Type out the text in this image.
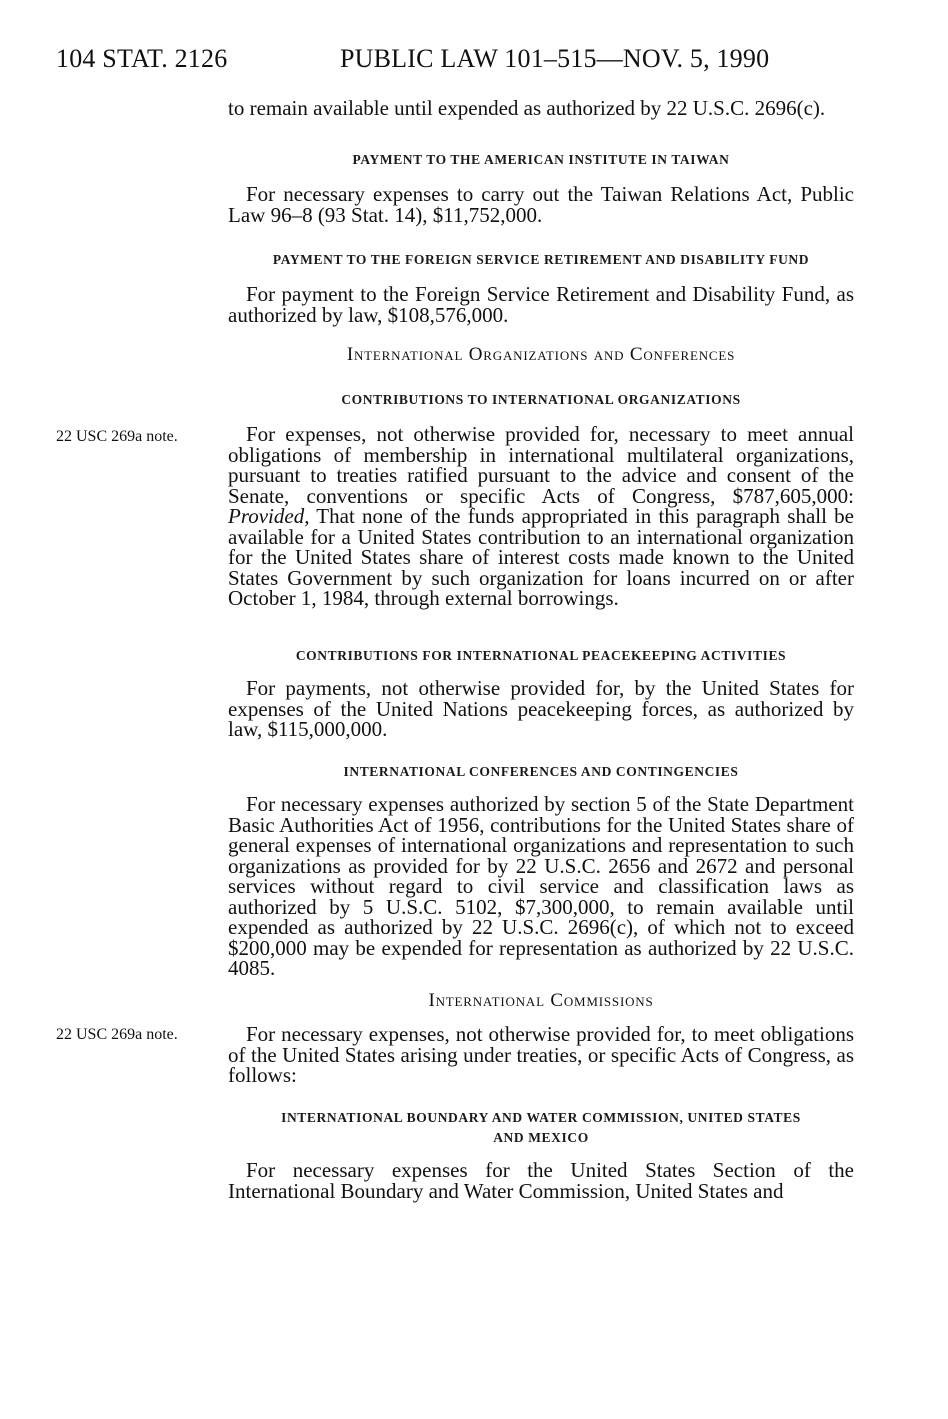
104 STAT. 2126	PUBLIC LAW 101–515—NOV. 5, 1990

to remain available until expended as authorized by 22 U.S.C. 2696(c).

PAYMENT TO THE AMERICAN INSTITUTE IN TAIWAN

For necessary expenses to carry out the Taiwan Relations Act, Public Law 96–8 (93 Stat. 14), $11,752,000.

PAYMENT TO THE FOREIGN SERVICE RETIREMENT AND DISABILITY FUND

For payment to the Foreign Service Retirement and Disability Fund, as authorized by law, $108,576,000.

International Organizations and Conferences
CONTRIBUTIONS TO INTERNATIONAL ORGANIZATIONS
22 USC 269a note.	For expenses, not otherwise provided for, necessary to meet annual obligations of membership in international multilateral organizations, pursuant to treaties ratified pursuant to the advice and consent of the Senate, conventions or specific Acts of Congress, $787,605,000: Provided, That none of the funds appropriated in this paragraph shall be available for a United States contribution to an international organization for the United States share of interest costs made known to the United States Government by such organization for loans incurred on or after October 1, 1984, through external borrowings.

CONTRIBUTIONS FOR INTERNATIONAL PEACEKEEPING ACTIVITIES

For payments, not otherwise provided for, by the United States for expenses of the United Nations peacekeeping forces, as authorized by law, $115,000,000.

INTERNATIONAL CONFERENCES AND CONTINGENCIES

For necessary expenses authorized by section 5 of the State Department Basic Authorities Act of 1956, contributions for the United States share of general expenses of international organizations and representation to such organizations as provided for by 22 U.S.C. 2656 and 2672 and personal services without regard to civil service and classification laws as authorized by 5 U.S.C. 5102, $7,300,000, to remain available until expended as authorized by 22 U.S.C. 2696(c), of which not to exceed $200,000 may be expended for representation as authorized by 22 U.S.C. 4085.

International Commissions
22 USC 269a note.	For necessary expenses, not otherwise provided for, to meet obligations of the United States arising under treaties, or specific Acts of Congress, as follows:

INTERNATIONAL BOUNDARY AND WATER COMMISSION, UNITED STATES
AND MEXICO

For necessary expenses for the United States Section of the International Boundary and Water Commission, United States and
